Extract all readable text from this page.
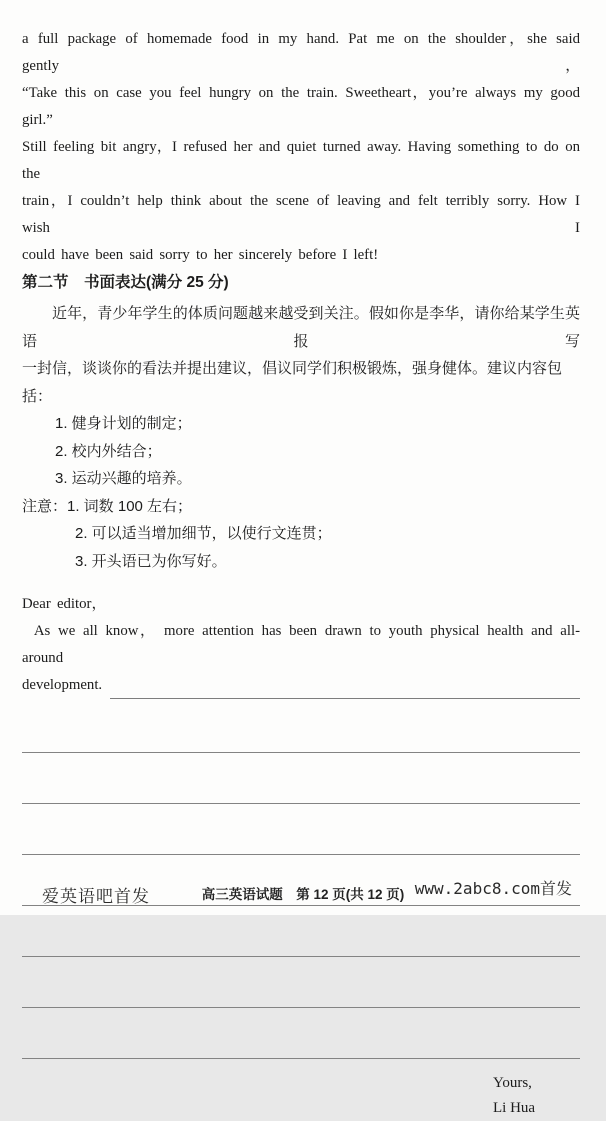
a full package of homemade food in my hand. Pat me on the shoulder，she said gently，
“Take this on case you feel hungry on the train. Sweetheart，you’re always my good girl.”
Still feeling bit angry，I refused her and quiet turned away. Having something to do on the
train，I couldn’t help think about the scene of leaving and felt terribly sorry. How I wish I
could have been said sorry to her sincerely before I left!
第二节　书面表达(满分 25 分)
近年，青少年学生的体质问题越来越受到关注。假如你是李华，请你给某学生英语报写
一封信，谈谈你的看法并提出建议，倡议同学们积极锻炼，强身健体。建议内容包括：
1. 健身计划的制定；
2. 校内外结合；
3. 运动兴趣的培养。
注意：1. 词数 100 左右；
2. 可以适当增加细节，以使行文连贯；
3. 开头语已为你写好。
Dear editor，
As we all know， more attention has been drawn to youth physical health and all-around
development.
Yours,
Li Hua
爱英语吧首发	高三英语试题　第 12 页(共 12 页) www.2abc8.com首发
